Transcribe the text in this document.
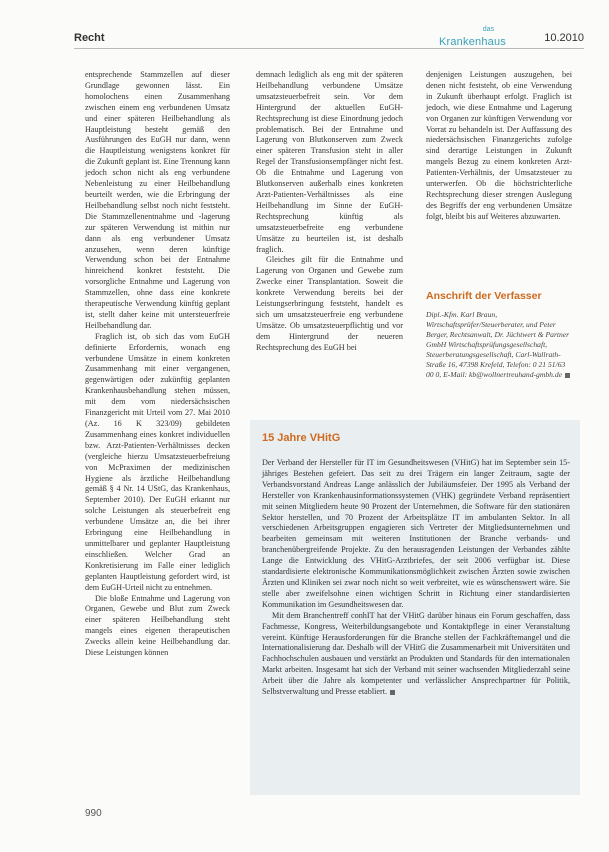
Recht
das
Krankenhaus	10.2010

entsprechende Stammzellen auf dieser Grundlage gewonnen lässt. Ein homolochens einen Zusammenhang zwischen einem eng verbundenen Umsatz und einer späteren Heilbehandlung als Hauptleistung besteht gemäß den Ausführungen des EuGH nur dann, wenn die Hauptleistung wenigstens konkret für die Zukunft geplant ist. Eine Trennung kann jedoch schon nicht als eng verbundene Nebenleistung zu einer Heilbehandlung beurteilt werden, wie die Erbringung der Heilbehandlung selbst noch nicht feststeht. Die Stammzellenentnahme und -lagerung zur späteren Verwendung ist mithin nur dann als eng verbundener Umsatz anzusehen, wenn deren künftige Verwendung schon bei der Entnahme hinreichend konkret feststeht. Die vorsorgliche Entnahme und Lagerung von Stammzellen, ohne dass eine konkrete therapeutische Verwendung künftig geplant ist, stellt daher keine mit untersteuerfreie Heilbehandlung dar.

Fraglich ist, ob sich das vom EuGH definierte Erfordernis, wonach eng verbundene Umsätze in einem konkreten Zusammenhang mit einer vergangenen, gegenwärtigen oder zukünftig geplanten Krankenhausbehandlung stehen müssen, mit dem vom niedersächsischen Finanzgericht mit Urteil vom 27. Mai 2010 (Az. 16 K 323/09) gebildeten Zusammenhang eines konkret individuellen bzw. Arzt-Patienten-Verhältnisses decken (vergleiche hierzu Umsatzsteuerbefreiung von McPraximen der medizinischen Hygiene als ärztliche Heilbehandlung gemäß § 4 Nr. 14 UStG, das Krankenhaus, September 2010). Der EuGH erkannt nur solche Leistungen als steuerbefreit eng verbundene Umsätze an, die bei ihrer Erbringung eine Heilbehandlung in unmittelbarer und geplanter Hauptleistung einschließen. Welcher Grad an Konkretisierung im Falle einer lediglich geplanten Hauptleistung gefordert wird, ist dem EuGH-Urteil nicht zu entnehmen.

Die bloße Entnahme und Lagerung von Organen, Gewebe und Blut zum Zweck einer späteren Heilbehandlung steht mangels eines eigenen therapeutischen Zwecks allein keine Heilbehandlung dar. Diese Leistungen können

demnach lediglich als eng mit der späteren Heilbehandlung verbundene Umsätze umsatzsteuerbefreit sein. Vor dem Hintergrund der aktuellen EuGH-Rechtsprechung ist diese Einordnung jedoch problematisch. Bei der Entnahme und Lagerung von Blutkonserven zum Zweck einer späteren Transfusion steht in aller Regel der Transfusionsempfänger nicht fest. Ob die Entnahme und Lagerung von Blutkonserven außerhalb eines konkreten Arzt-Patienten-Verhältnisses als eine Heilbehandlung im Sinne der EuGH-Rechtsprechung künftig als umsatzsteuerbefreite eng verbundene Umsätze zu beurteilen ist, ist deshalb fraglich.

Gleiches gilt für die Entnahme und Lagerung von Organen und Gewebe zum Zwecke einer Transplantation. Soweit die konkrete Verwendung bereits bei der Leistungserbringung feststeht, handelt es sich um umsatzsteuerfreie eng verbundene Umsätze. Ob umsatzsteuerpflichtig und vor dem Hintergrund der neueren Rechtsprechung des EuGH bei

denjenigen Leistungen auszugehen, bei denen nicht feststeht, ob eine Verwendung in Zukunft überhaupt erfolgt. Fraglich ist jedoch, wie diese Entnahme und Lagerung von Organen zur künftigen Verwendung vor Vorrat zu behandeln ist. Der Auffassung des niedersächsischen Finanzgerichts zufolge sind derartige Leistungen in Zukunft mangels Bezug zu einem konkreten Arzt-Patienten-Verhältnis, der Umsatzsteuer zu unterwerfen. Ob die höchstrichterliche Rechtsprechung dieser strengen Auslegung des Begriffs der eng verbundenen Umsätze folgt, bleibt bis auf Weiteres abzuwarten.

Anschrift der Verfasser
Dipl.-Kfm. Karl Braun, Wirtschaftsprüfer/Steuerberater, und Peter Berger, Rechtsanwalt, Dr. Jüchtwert & Partner GmbH Wirtschaftsprüfungsgesellschaft, Steuerberatungsgesellschaft, Carl-Wallrath-Straße 16, 47398 Krefeld, Telefon: 0 21 51/63 00 0, E-Mail: kb@wollnertreuhand-gmbh.de
15 Jahre VHitG

Der Verband der Hersteller für IT im Gesundheitswesen (VHitG) hat im September sein 15-jähriges Bestehen gefeiert. Das seit zu drei Trägern ein langer Zeitraum, sagte der Verbandsvorstand Andreas Lange anlässlich der Jubiläumsfeier. Der 1995 als Verband der Hersteller von Krankenhausinformationssystemen (VHK) gegründete Verband repräsentiert mit seinen Mitgliedern heute 90 Prozent der Unternehmen, die Software für den stationären Sektor herstellen, und 70 Prozent der Arbeitsplätze IT im ambulanten Sektor. In all verschiedenen Arbeitsgruppen engagieren sich Vertreter der Mitgliedsunternehmen und bearbeiten gemeinsam mit weiteren Institutionen der Branche verbands- und branchenübergreifende Projekte. Zu den herausragenden Leistungen der Verbandes zählte Lange die Entwicklung des VHitG-Arztbriefes, der seit 2006 verfügbar ist. Diese standardisierte elektronische Kommunikationsmöglichkeit zwischen Ärzten sowie zwischen Ärzten und Kliniken sei zwar noch nicht so weit verbreitet, wie es wünschenswert wäre. Sie stelle aber zweifelsohne einen wichtigen Schritt in Richtung einer standardisierten Kommunikation im Gesundheitswesen dar.

Mit dem Branchentreff conhIT hat der VHitG darüber hinaus ein Forum geschaffen, dass Fachmesse, Kongress, Weiterbildungsangebote und Kontaktpflege in einer Veranstaltung vereint. Künftige Herausforderungen für die Branche stellen der Fachkräftemangel und die Internationalisierung dar. Deshalb will der VHitG die Zusammenarbeit mit Universitäten und Fachhochschulen ausbauen und verstärkt an Produkten und Standards für den internationalen Markt arbeiten. Insgesamt hat sich der Verband mit seiner wachsenden Mitgliederzahl seine Arbeit über die Jahre als kompetenter und verlässlicher Ansprechpartner für Politik, Selbstverwaltung und Presse etabliert.

990
